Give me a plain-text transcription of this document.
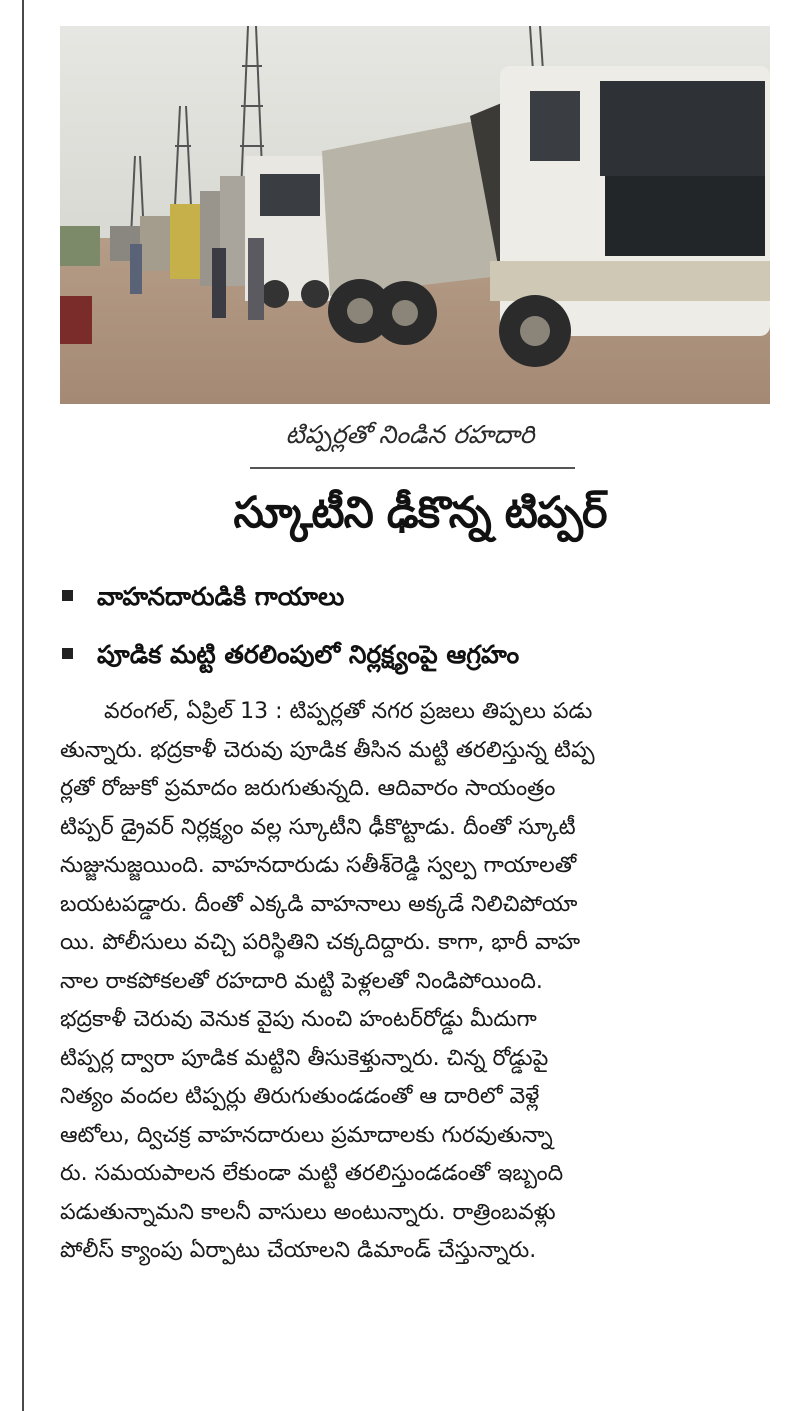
టిప్పర్లతో నిండిన రహదారి
స్కూటీని ఢీకొన్న టిప్పర్
వాహనదారుడికి గాయాలు
పూడిక మట్టి తరలింపులో నిర్లక్ష్యంపై ఆగ్రహం
వరంగల్, ఏప్రిల్ 13 : టిప్పర్లతో నగర ప్రజలు తిప్పలు పడు
తున్నారు. భద్రకాళీ చెరువు పూడిక తీసిన మట్టి తరలిస్తున్న టిప్ప
ర్లతో రోజుకో ప్రమాదం జరుగుతున్నది. ఆదివారం సాయంత్రం
టిప్పర్ డ్రైవర్ నిర్లక్ష్యం వల్ల స్కూటీని ఢీకొట్టాడు. దీంతో స్కూటీ
నుజ్జునుజ్జయింది. వాహనదారుడు సతీశ్‌రెడ్డి స్వల్ప గాయాలతో
బయటపడ్డారు. దీంతో ఎక్కడి వాహనాలు అక్కడే నిలిచిపోయా
యి. పోలీసులు వచ్చి పరిస్థితిని చక్కదిద్దారు. కాగా, భారీ వాహ
నాల రాకపోకలతో రహదారి మట్టి పెళ్లలతో నిండిపోయింది.
భద్రకాళీ చెరువు వెనుక వైపు నుంచి హంటర్‌రోడ్డు మీదుగా
టిప్పర్ల ద్వారా పూడిక మట్టిని తీసుకెళ్తున్నారు. చిన్న రోడ్డుపై
నిత్యం వందల టిప్పర్లు తిరుగుతుండడంతో ఆ దారిలో వెళ్లే
ఆటోలు, ద్విచక్ర వాహనదారులు ప్రమాదాలకు గురవుతున్నా
రు. సమయపాలన లేకుండా మట్టి తరలిస్తుండడంతో ఇబ్బంది
పడుతున్నామని కాలనీ వాసులు అంటున్నారు. రాత్రింబవళ్లు
పోలీస్ క్యాంపు ఏర్పాటు చేయాలని డిమాండ్ చేస్తున్నారు.
